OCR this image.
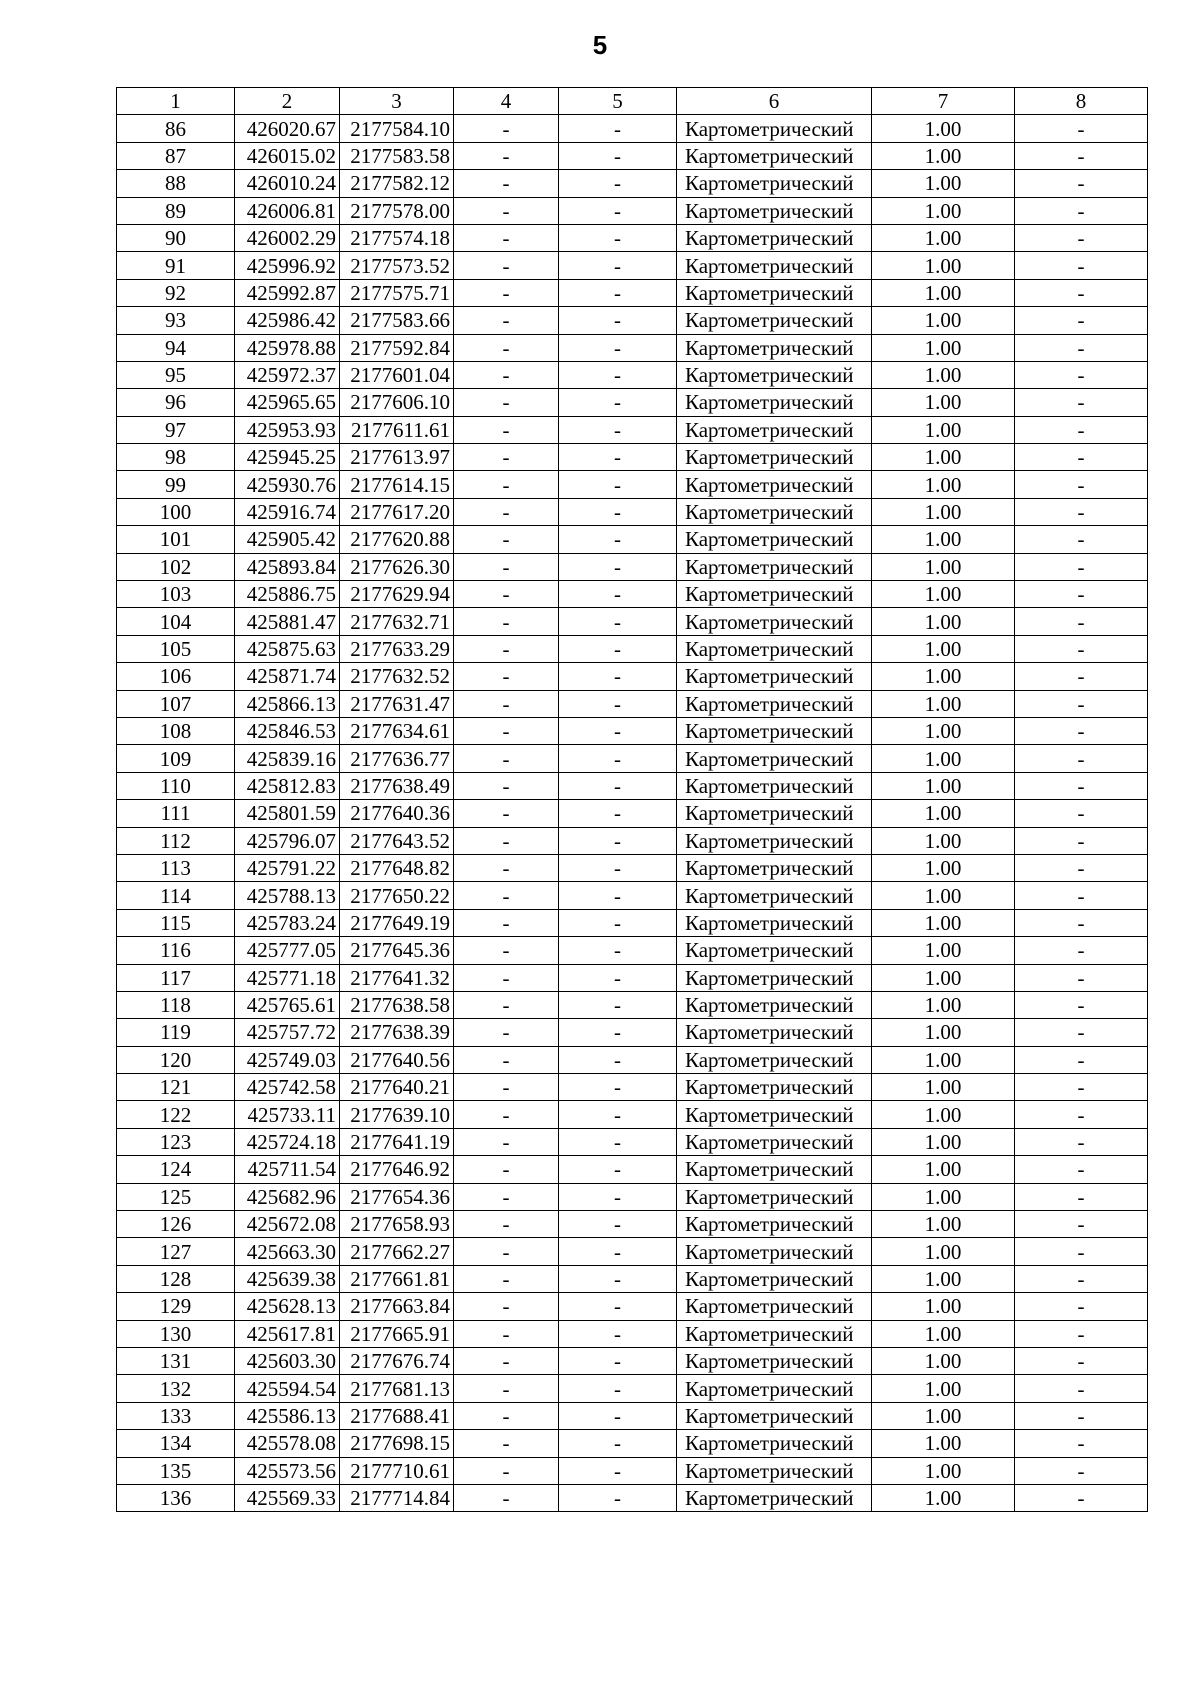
5
1	2	3	4	5	6	7	8
86	426020.67	2177584.10	-	-	Картометрический	1.00	-
87	426015.02	2177583.58	-	-	Картометрический	1.00	-
88	426010.24	2177582.12	-	-	Картометрический	1.00	-
89	426006.81	2177578.00	-	-	Картометрический	1.00	-
90	426002.29	2177574.18	-	-	Картометрический	1.00	-
91	425996.92	2177573.52	-	-	Картометрический	1.00	-
92	425992.87	2177575.71	-	-	Картометрический	1.00	-
93	425986.42	2177583.66	-	-	Картометрический	1.00	-
94	425978.88	2177592.84	-	-	Картометрический	1.00	-
95	425972.37	2177601.04	-	-	Картометрический	1.00	-
96	425965.65	2177606.10	-	-	Картометрический	1.00	-
97	425953.93	2177611.61	-	-	Картометрический	1.00	-
98	425945.25	2177613.97	-	-	Картометрический	1.00	-
99	425930.76	2177614.15	-	-	Картометрический	1.00	-
100	425916.74	2177617.20	-	-	Картометрический	1.00	-
101	425905.42	2177620.88	-	-	Картометрический	1.00	-
102	425893.84	2177626.30	-	-	Картометрический	1.00	-
103	425886.75	2177629.94	-	-	Картометрический	1.00	-
104	425881.47	2177632.71	-	-	Картометрический	1.00	-
105	425875.63	2177633.29	-	-	Картометрический	1.00	-
106	425871.74	2177632.52	-	-	Картометрический	1.00	-
107	425866.13	2177631.47	-	-	Картометрический	1.00	-
108	425846.53	2177634.61	-	-	Картометрический	1.00	-
109	425839.16	2177636.77	-	-	Картометрический	1.00	-
110	425812.83	2177638.49	-	-	Картометрический	1.00	-
111	425801.59	2177640.36	-	-	Картометрический	1.00	-
112	425796.07	2177643.52	-	-	Картометрический	1.00	-
113	425791.22	2177648.82	-	-	Картометрический	1.00	-
114	425788.13	2177650.22	-	-	Картометрический	1.00	-
115	425783.24	2177649.19	-	-	Картометрический	1.00	-
116	425777.05	2177645.36	-	-	Картометрический	1.00	-
117	425771.18	2177641.32	-	-	Картометрический	1.00	-
118	425765.61	2177638.58	-	-	Картометрический	1.00	-
119	425757.72	2177638.39	-	-	Картометрический	1.00	-
120	425749.03	2177640.56	-	-	Картометрический	1.00	-
121	425742.58	2177640.21	-	-	Картометрический	1.00	-
122	425733.11	2177639.10	-	-	Картометрический	1.00	-
123	425724.18	2177641.19	-	-	Картометрический	1.00	-
124	425711.54	2177646.92	-	-	Картометрический	1.00	-
125	425682.96	2177654.36	-	-	Картометрический	1.00	-
126	425672.08	2177658.93	-	-	Картометрический	1.00	-
127	425663.30	2177662.27	-	-	Картометрический	1.00	-
128	425639.38	2177661.81	-	-	Картометрический	1.00	-
129	425628.13	2177663.84	-	-	Картометрический	1.00	-
130	425617.81	2177665.91	-	-	Картометрический	1.00	-
131	425603.30	2177676.74	-	-	Картометрический	1.00	-
132	425594.54	2177681.13	-	-	Картометрический	1.00	-
133	425586.13	2177688.41	-	-	Картометрический	1.00	-
134	425578.08	2177698.15	-	-	Картометрический	1.00	-
135	425573.56	2177710.61	-	-	Картометрический	1.00	-
136	425569.33	2177714.84	-	-	Картометрический	1.00	-
